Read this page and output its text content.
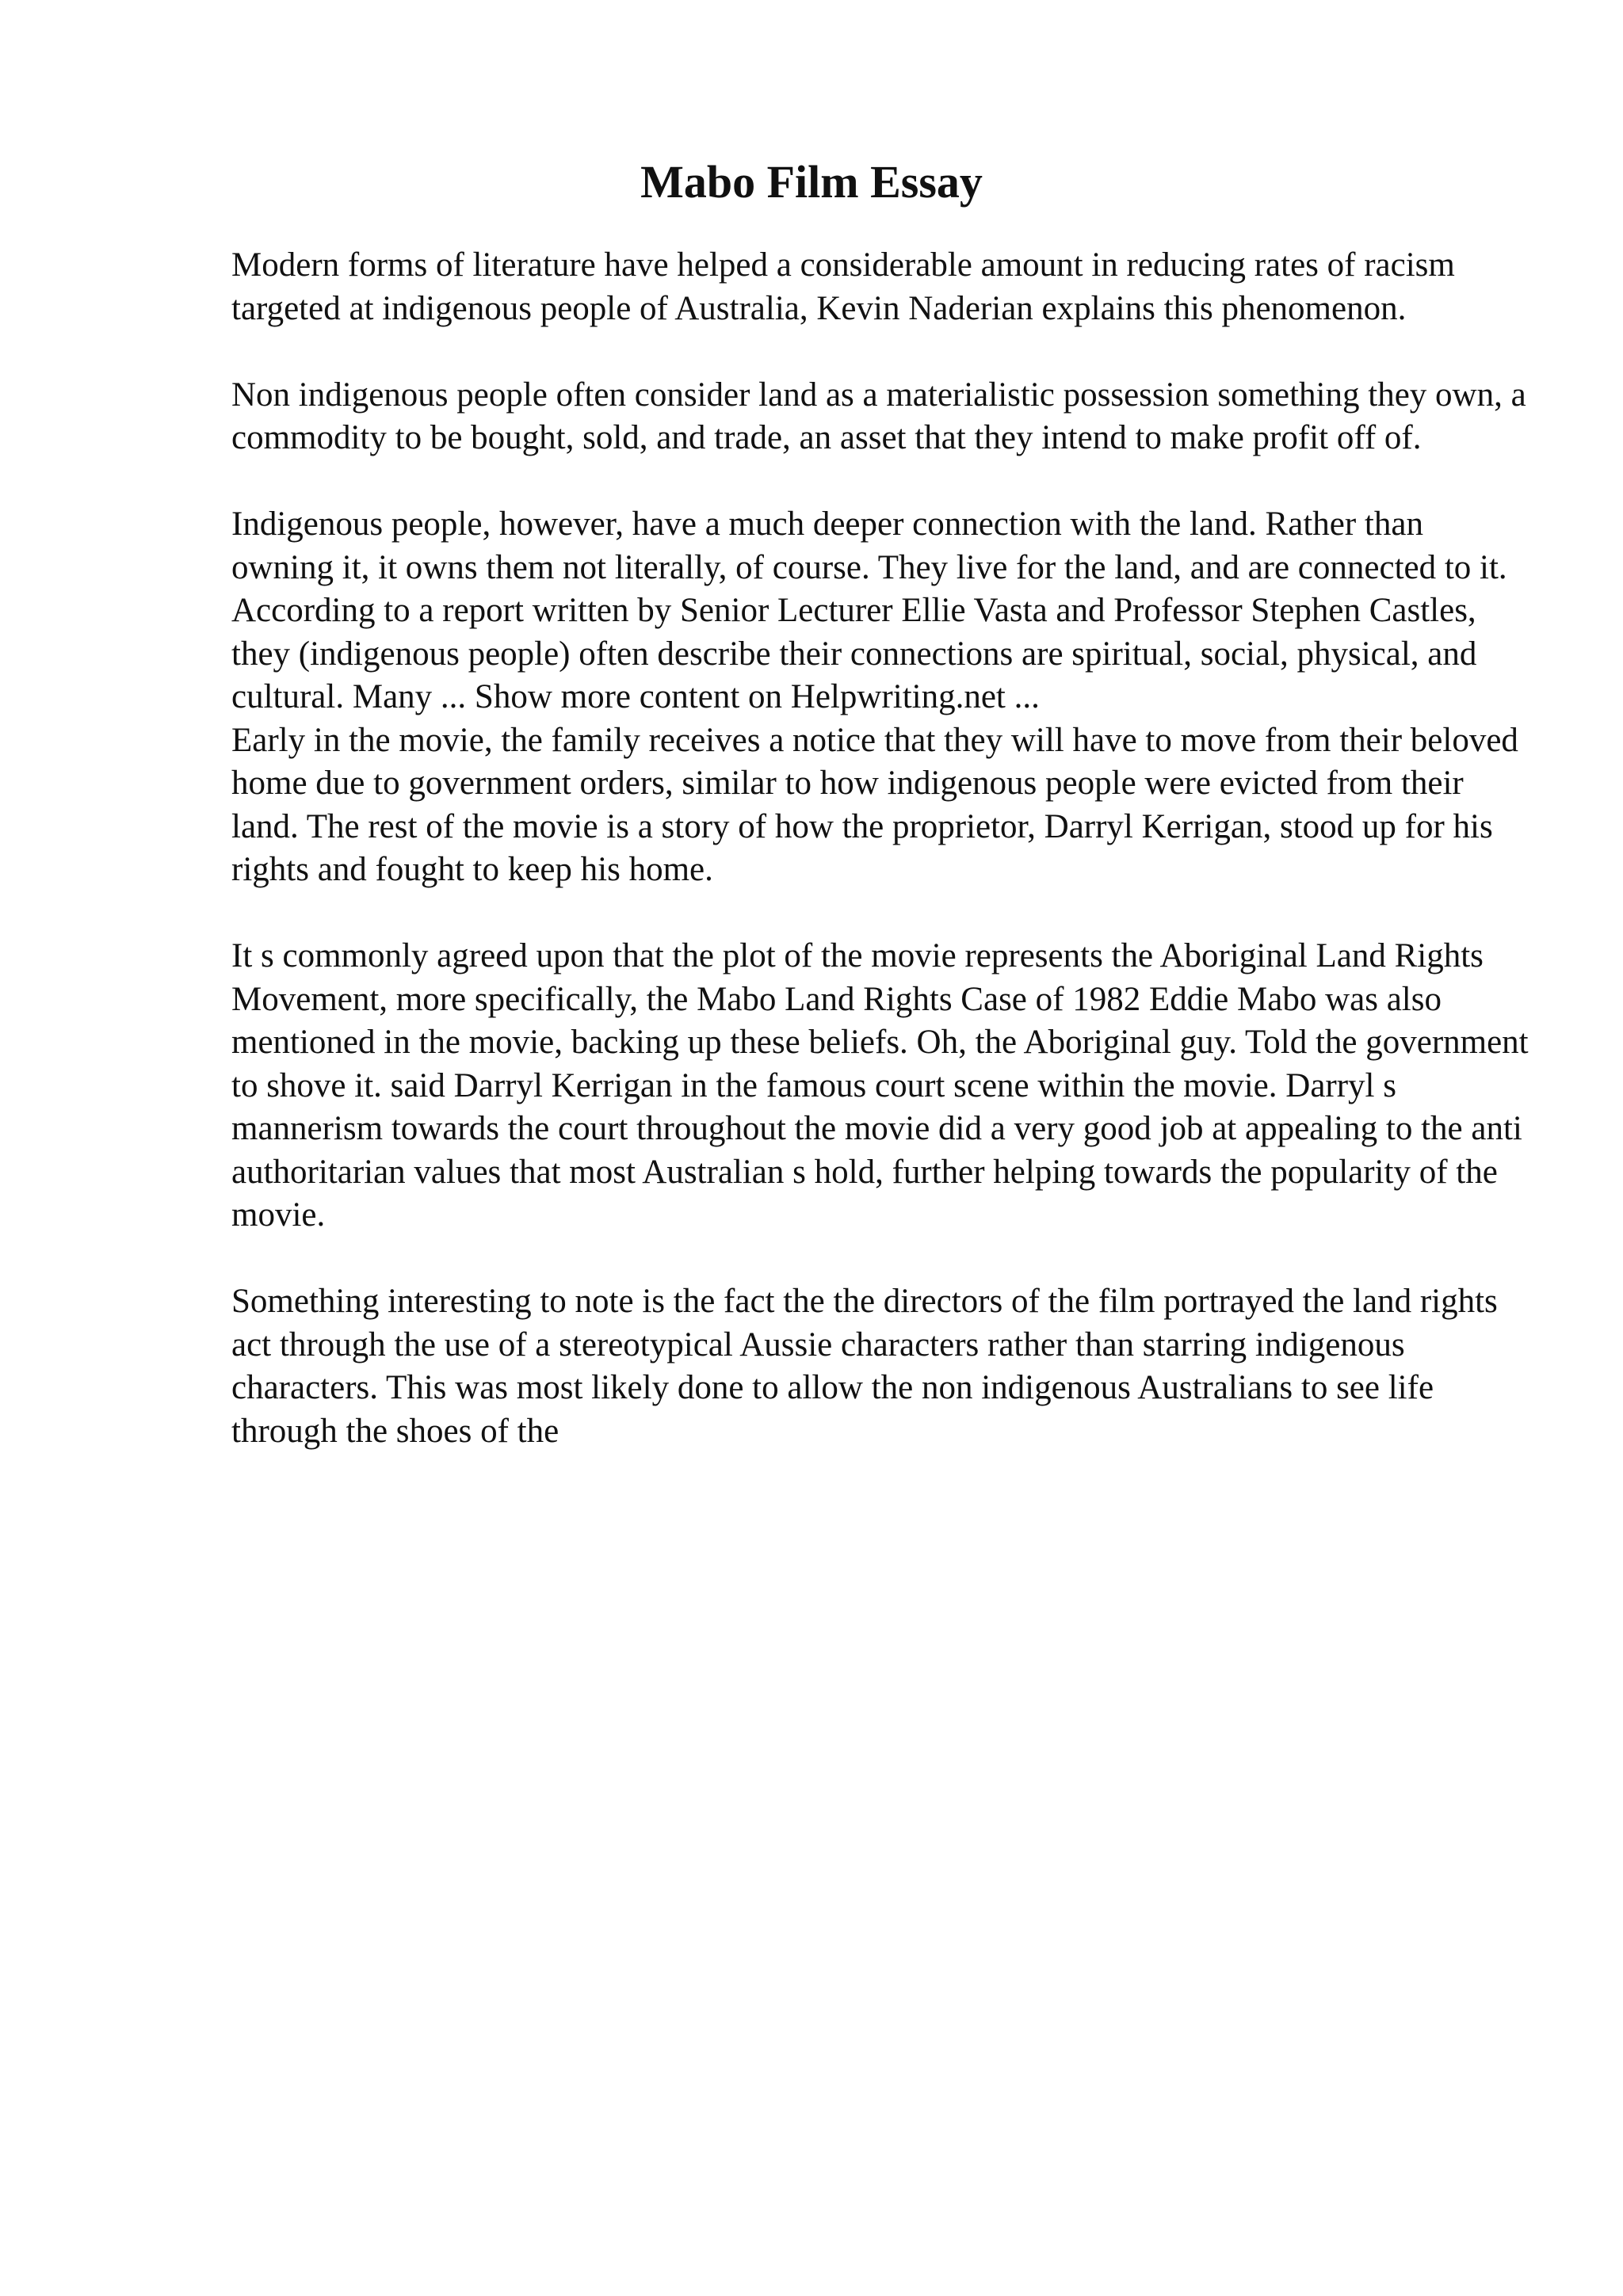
Mabo Film Essay

Modern forms of literature have helped a considerable amount in reducing rates of racism targeted at indigenous people of Australia, Kevin Naderian explains this phenomenon.

Non indigenous people often consider land as a materialistic possession something they own, a commodity to be bought, sold, and trade, an asset that they intend to make profit off of.

Indigenous people, however, have a much deeper connection with the land. Rather than owning it, it owns them not literally, of course. They live for the land, and are connected to it. According to a report written by Senior Lecturer Ellie Vasta and Professor Stephen Castles, they (indigenous people) often describe their connections are spiritual, social, physical, and cultural. Many ... Show more content on Helpwriting.net ...

Early in the movie, the family receives a notice that they will have to move from their beloved home due to government orders, similar to how indigenous people were evicted from their land. The rest of the movie is a story of how the proprietor, Darryl Kerrigan, stood up for his rights and fought to keep his home.

It s commonly agreed upon that the plot of the movie represents the Aboriginal Land Rights Movement, more specifically, the Mabo Land Rights Case of 1982 Eddie Mabo was also mentioned in the movie, backing up these beliefs. Oh, the Aboriginal guy. Told the government to shove it. said Darryl Kerrigan in the famous court scene within the movie. Darryl s mannerism towards the court throughout the movie did a very good job at appealing to the anti authoritarian values that most Australian s hold, further helping towards the popularity of the movie.

Something interesting to note is the fact the the directors of the film portrayed the land rights act through the use of a stereotypical Aussie characters rather than starring indigenous characters. This was most likely done to allow the non indigenous Australians to see life through the shoes of the
